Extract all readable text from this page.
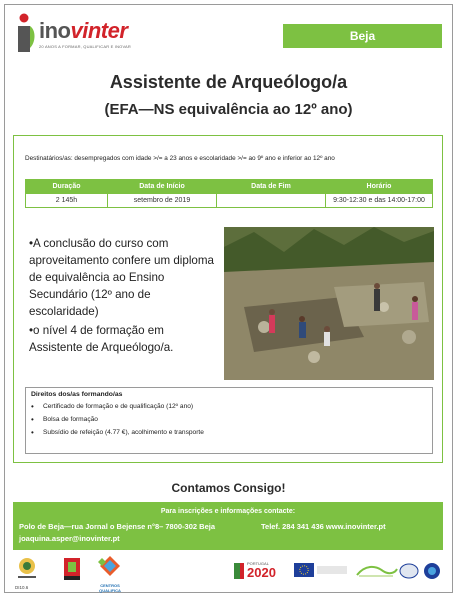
inovinter
20 ANOS A FORMAR, QUALIFICAR E INOVAR
Beja
Assistente de Arqueólogo/a
(EFA—NS equivalência ao 12º ano)
Destinatários/as: desempregados com idade >/= a 23 anos e escolaridade >/= ao 9º ano e inferior ao 12º ano
Duração	Data de Início	Data de Fim	Horário
2 145h	setembro de 2019		9:30-12:30 e das 14:00-17:00

•A conclusão do curso com aproveitamento confere um diploma de equivalência ao Ensino Secundário (12º ano de escolaridade)

•o nível 4 de formação em Assistente de Arqueólogo/a.

Direitos dos/as formando/as
• Certificado de formação e de qualificação (12º ano)
• Bolsa de formação
• Subsídio de refeição (4.77 €), acolhimento e transporte
Contamos Consigo!
Para inscrições e informações contacte:
Polo de Beja—rua Jornal o Bejense n°8– 7800-302 Beja	Telef. 284 341 436 www.inovinter.pt
joaquina.asper@inovinter.pt
CENTROS QUALIFICA
PORTUGAL
2020
DI10.6
